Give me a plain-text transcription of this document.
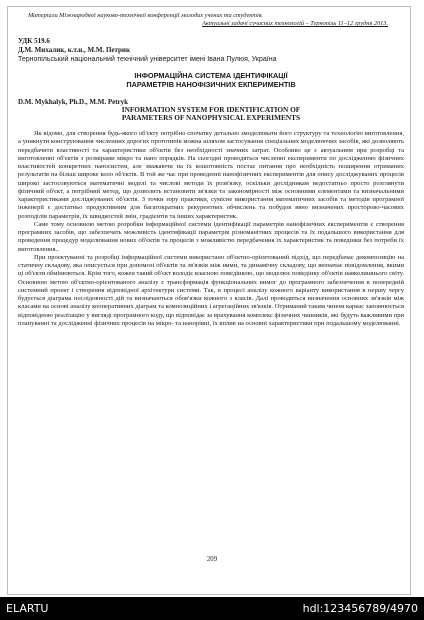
Матеріали Міжнародної науково-технічної конференції молодих учених та студентів.
Актуальні задачі сучасних технологій – Тернопіль 11–12 грудня 2013.
УДК 519.6
Д.М. Михалик, к.т.н., М.М. Петрик
Тернопільський національний технічний університет імені Івана Пулюя, Україна
ІНФОРМАЦІЙНА СИСТЕМА ІДЕНТИФІКАЦІЇ
ПАРАМЕТРІВ НАНОФІЗИЧНИХ ЕКПЕРИМЕНТІВ
D.M. Mykhalyk, Ph.D., M.M. Petryk
INFORMATION SYSTEM FOR IDENTIFICATION OF
PARAMETERS OF NANOPHYSICAL EXPERIMENTS

Як відомо, для створення будь-якого об'єкту потрібно спочатку детально змоделювати його структуру та технологію виготовлення, а уникнути конструювання численних дорогих прототипів можна шляхом застосування спеціальних моделюючих засобів, які дозволяють передбачити властивості та характеристики об'єктів без необхідності значних затрат. Особливо це є актуальним при розробці та виготовленні об'єктів з розмірами мікро та нано порядків. На сьогодні проводяться численні експерименти по дослідженню фізичних властивостей конкретних наносистем, але зважаючи на їх кошотовність постає питання про необхідність поширення отриманих результатів на більш широке коло об'єктів. В той же час при проведенні нанофізичних експериментів для опису досліджуваних процесів широко застосовуються математичні моделі та числові методи їх розв'язку, оскільки дослідникам недостатньо просто розглянути фізичний об'єкт, а потрібний метод, що дозволить встановити зв'язки та закономірності між основними елементами та визначальними характеристиками досліджуваних об'єктів. З точки зору практики, сумісне використання математичних засобів та методів програмної інженерії є достатньо продуктивним для багатократних рекурентних обчислень та побудов явно визначених просторово-часових розподілів параметрів, їх швидкостей змін, градієнтів та інших характеристик.

Саме тому основною метою розробки інформаційної системи ідентифікації параметрів нанофізичних експериментів є створення програмних засобів, що забезпечать можливість ідентифікації параметрів різноманітних процесів та їх подальшого використання для проведення процедур моделювання нових об'єктів та процесів з можливістю передбачення їх характеристик та поведінки без потреби їх виготовлення..

При проектуванні та розробці інформаційної системи використано об'єктно-орієнтований підхід, що передбачає декомпозицію на статичну складову, яка описується при допомозі об'єктів та зв'язків між ними, та динамічну складову, що визначає повідомлення, якими ці об'єкти обмінюються. Крім того, кожен такий об'єкт володіє власною поведінкою, що моделює поведінку об'єктів навколишнього світу. Основною метою об'єктно-орієнтованого аналізу є трансформація функціональних вимог до програмного забезпечення в попередній системний проект і створення відповідної архітектури системи. Так, в процесі аналізу кожного варіанту використання в першу чергу будується діаграма послідовності дій та визначаються обов'язки кожного з класів. Далі проводиться визначення основних зв'язків між класами на основі аналізу кооперативних діаграм та композиційних і агрегаційних зв'язків. Отриманий таким чином каркас заповнюється відповідною реалізацію у вигляді програмного коду, що відповідає за врахування комплекс фізичних чинників, які будуть важливими при плануванні та дослідженні фізичних процесів на мікро- та нанорівні, їх вплив на основні характеристики при подальшому моделюванні.

209
ELARTU	hdl:123456789/4970
